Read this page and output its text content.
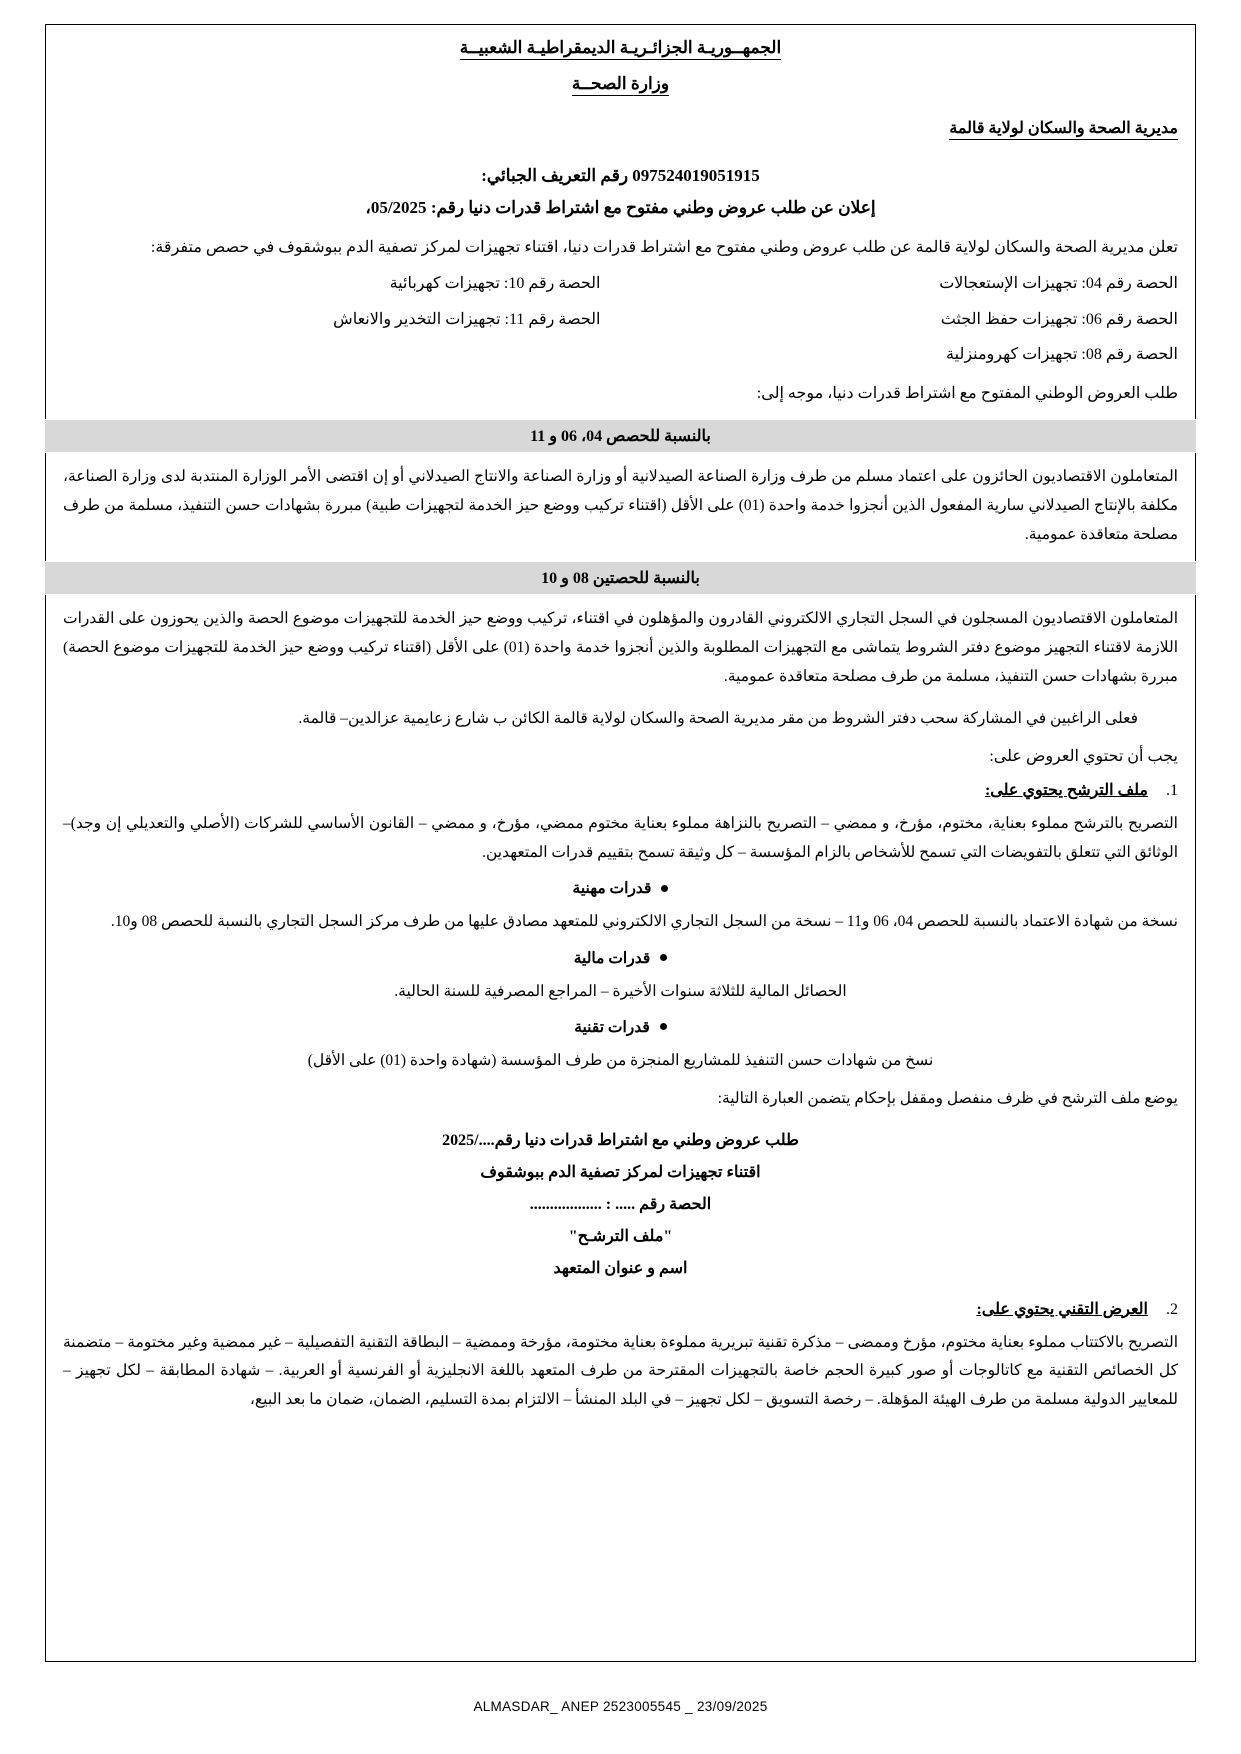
الجمهــوريـة الجزائـريـة الديمقراطيـة الشعبيــة
وزارة الصحــة
مديرية الصحة والسكان لولاية قالمة
097524019051915 رقم التعريف الجبائي:
إعلان عن طلب عروض وطني مفتوح مع اشتراط قدرات دنيا رقم: 05/2025،
تعلن مديرية الصحة والسكان لولاية قالمة عن طلب عروض وطني مفتوح مع اشتراط قدرات دنيا، اقتناء تجهيزات لمركز تصفية الدم ببوشقوف في حصص متفرقة:
الحصة رقم 04: تجهيزات الإستعجالات
الحصة رقم 10: تجهيزات كهربائية
الحصة رقم 06: تجهيزات حفظ الجثث
الحصة رقم 11: تجهيزات التخدير والانعاش
الحصة رقم 08: تجهيزات كهرومنزلية
طلب العروض الوطني المفتوح مع اشتراط قدرات دنيا، موجه إلى:
بالنسبة للحصص 04، 06 و 11
المتعاملون الاقتصاديون الحائزون على اعتماد مسلم من طرف وزارة الصناعة الصيدلانية أو وزارة الصناعة والانتاج الصيدلاني أو إن اقتضى الأمر الوزارة المنتدبة لدى وزارة الصناعة، مكلفة بالإنتاج الصيدلاني سارية المفعول الذين أنجزوا خدمة واحدة (01) على الأقل (اقتناء تركيب ووضع حيز الخدمة لتجهيزات طبية) مبررة بشهادات حسن التنفيذ، مسلمة من طرف مصلحة متعاقدة عمومية.
بالنسبة للحصتين 08 و 10
المتعاملون الاقتصاديون المسجلون في السجل التجاري الالكتروني القادرون والمؤهلون في اقتناء، تركيب ووضع حيز الخدمة للتجهيزات موضوع الحصة والذين يحوزون على القدرات اللازمة لاقتناء التجهيز موضوع دفتر الشروط يتماشى مع التجهيزات المطلوبة والذين أنجزوا خدمة واحدة (01) على الأقل (اقتناء تركيب ووضع حيز الخدمة للتجهيزات موضوع الحصة) مبررة بشهادات حسن التنفيذ، مسلمة من طرف مصلحة متعاقدة عمومية.
فعلى الراغبين في المشاركة سحب دفتر الشروط من مقر مديرية الصحة والسكان لولاية قالمة الكائن ب شارع زعايمية عزالدين– قالمة.
يجب أن تحتوي العروض على:
1. ملف الترشح يحتوي على:
التصريح بالترشح مملوء بعناية، مختوم، مؤرخ، و ممضي – التصريح بالنزاهة مملوء بعناية مختوم ممضي، مؤرخ، و ممضي – القانون الأساسي للشركات (الأصلي والتعديلي إن وجد)– الوثائق التي تتعلق بالتفويضات التي تسمح للأشخاص بالزام المؤسسة – كل وثيقة تسمح بتقييم قدرات المتعهدين.
قدرات مهنية
نسخة من شهادة الاعتماد بالنسبة للحصص 04، 06 و11 – نسخة من السجل التجاري الالكتروني للمتعهد مصادق عليها من طرف مركز السجل التجاري بالنسبة للحصص 08 و10.
قدرات مالية
الحصائل المالية للثلاثة سنوات الأخيرة – المراجع المصرفية للسنة الحالية.
قدرات تقنية
نسخ من شهادات حسن التنفيذ للمشاريع المنجزة من طرف المؤسسة (شهادة واحدة (01) على الأقل)
يوضع ملف الترشح في ظرف منفصل ومقفل بإحكام يتضمن العبارة التالية:
طلب عروض وطني مع اشتراط قدرات دنيا رقم..../2025
اقتناء تجهيزات لمركز تصفية الدم ببوشقوف
الحصة رقم ..... : ..................
"ملف الترشـح"
اسم و عنوان المتعهد
2. العرض التقني يحتوي على:
التصريح بالاكتتاب مملوء بعناية مختوم، مؤرخ وممضى – مذكرة تقنية تبريرية مملوءة بعناية مختومة، مؤرخة وممضية – البطاقة التقنية التفصيلية – غير ممضية وغير مختومة – متضمنة كل الخصائص التقنية مع كاتالوجات أو صور كبيرة الحجم خاصة بالتجهيزات المقترحة من طرف المتعهد باللغة الانجليزية أو الفرنسية أو العربية. – شهادة المطابقة – لكل تجهيز – للمعايير الدولية مسلمة من طرف الهيئة المؤهلة. – رخصة التسويق – لكل تجهيز – في البلد المنشأ – الالتزام بمدة التسليم، الضمان، ضمان ما بعد البيع،
ALMASDAR_ ANEP 2523005545 _ 23/09/2025
